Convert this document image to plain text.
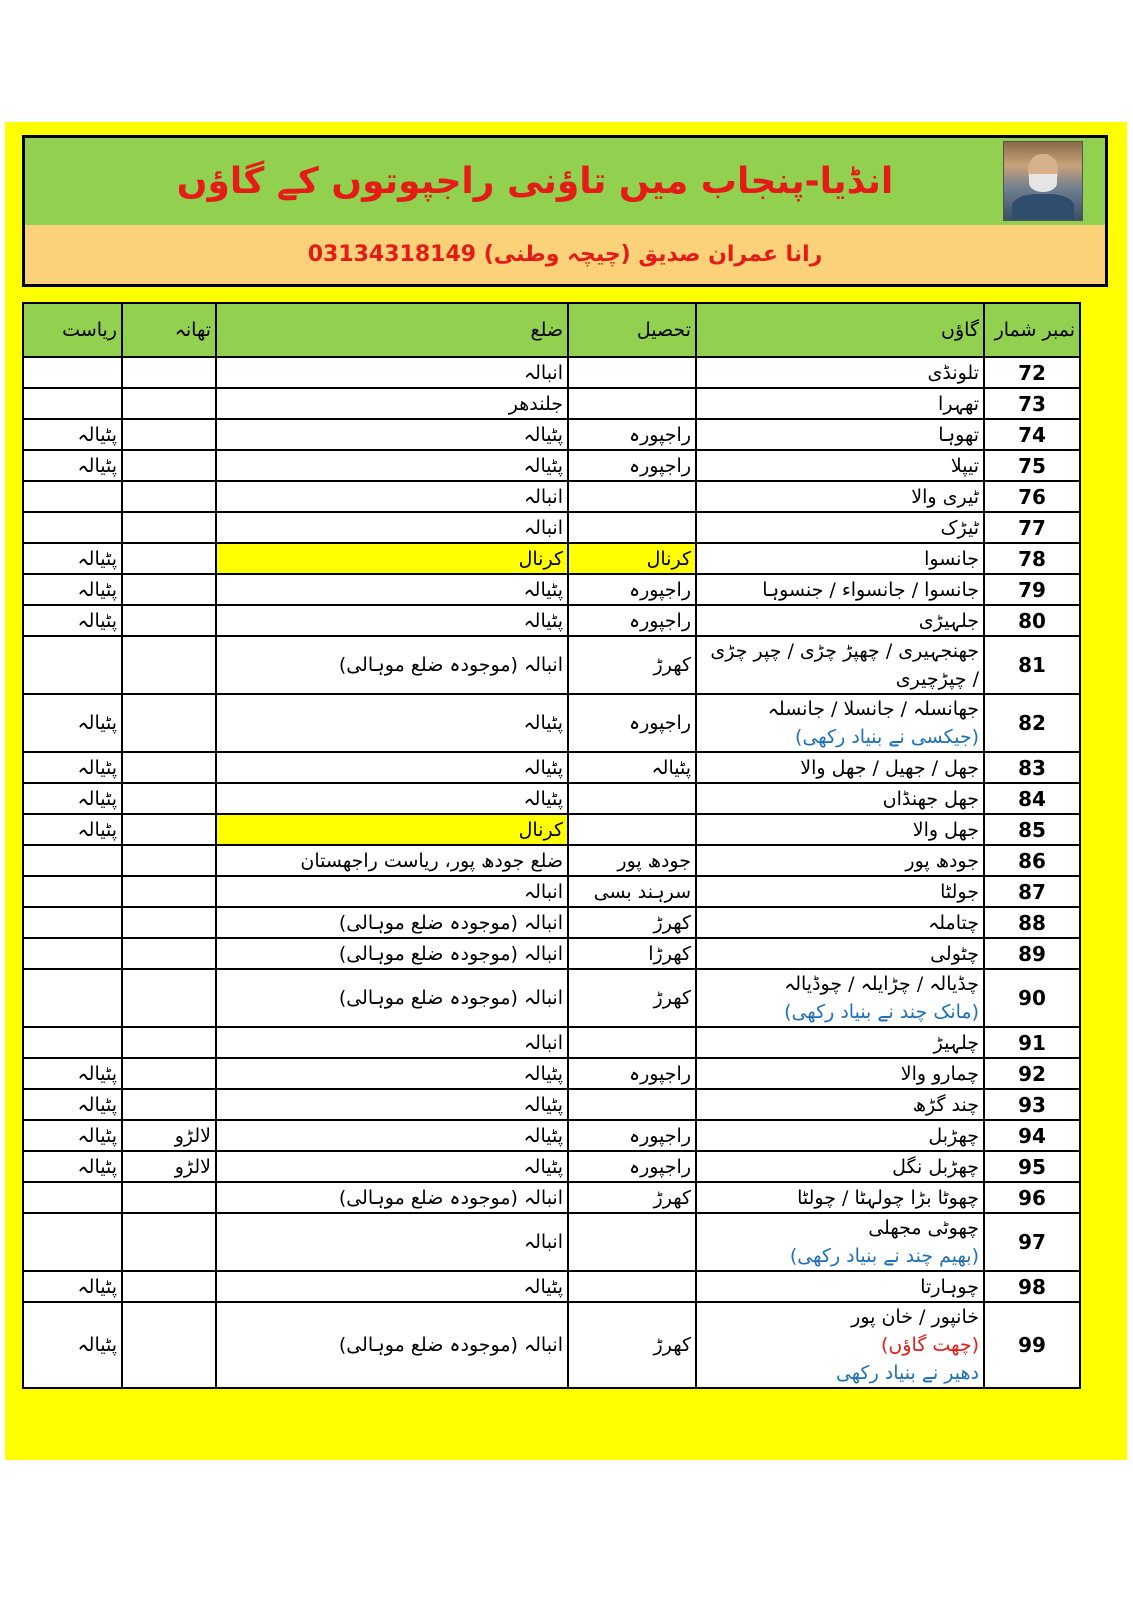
انڈیا-پنجاب میں تاؤنی راجپوتوں کے گاؤں
رانا عمران صدیق (چیچہ وطنی) 03134318149
نمبر شمار	گاؤں	تحصیل	ضلع	تھانہ	ریاست
72	تلونڈی		انبالہ		
73	تھہرا		جلندھر		
74	تھوہا	راجپورہ	پٹیالہ		پٹیالہ
75	تیپلا	راجپورہ	پٹیالہ		پٹیالہ
76	ٹیری والا		انبالہ		
77	ٹیڑک		انبالہ		
78	جانسوا	کرنال	کرنال		پٹیالہ
79	جانسوا / جانسواء / جنسوہا	راجپورہ	پٹیالہ		پٹیالہ
80	جلہیڑی	راجپورہ	پٹیالہ		پٹیالہ
81	جھنجہیری / چھپڑ چڑی / چپر چڑی / چپڑچیری	کھرڑ	انبالہ (موجودہ ضلع موہالی)		
82	جھانسلہ / جانسلا / جانسلہ
(جیکسی نے بنیاد رکھی)	راجپورہ	پٹیالہ		پٹیالہ
83	جھل / جھیل / جھل والا	پٹیالہ	پٹیالہ		پٹیالہ
84	جھل جھنڈاں		پٹیالہ		پٹیالہ
85	جھل والا		کرنال		پٹیالہ
86	جودھ پور	جودھ پور	ضلع جودھ پور، ریاست راجھستان		
87	جولٹا	سرہند بسی	انبالہ		
88	چتاملہ	کھرڑ	انبالہ (موجودہ ضلع موہالی)		
89	چٹولی	کھرڑا	انبالہ (موجودہ ضلع موہالی)		
90	چڈیالہ / چڑایلہ / چوڈیالہ
(مانک چند نے بنیاد رکھی)	کھرڑ	انبالہ (موجودہ ضلع موہالی)		
91	چلہیڑ		انبالہ		
92	چمارو والا	راجپورہ	پٹیالہ		پٹیالہ
93	چند گڑھ		پٹیالہ		پٹیالہ
94	چھڑبل	راجپورہ	پٹیالہ	لالڑو	پٹیالہ
95	چھڑبل نگل	راجپورہ	پٹیالہ	لالڑو	پٹیالہ
96	چھوٹا بڑا چولہٹا / چولٹا	کھرڑ	انبالہ (موجودہ ضلع موہالی)		
97	چھوٹی مجھلی
(بھیم چند نے بنیاد رکھی)		انبالہ		
98	چوہارتا		پٹیالہ		پٹیالہ
99	خانپور / خان پور
(چھت گاؤں)
دھیر نے بنیاد رکھی	کھرڑ	انبالہ (موجودہ ضلع موہالی)		پٹیالہ
